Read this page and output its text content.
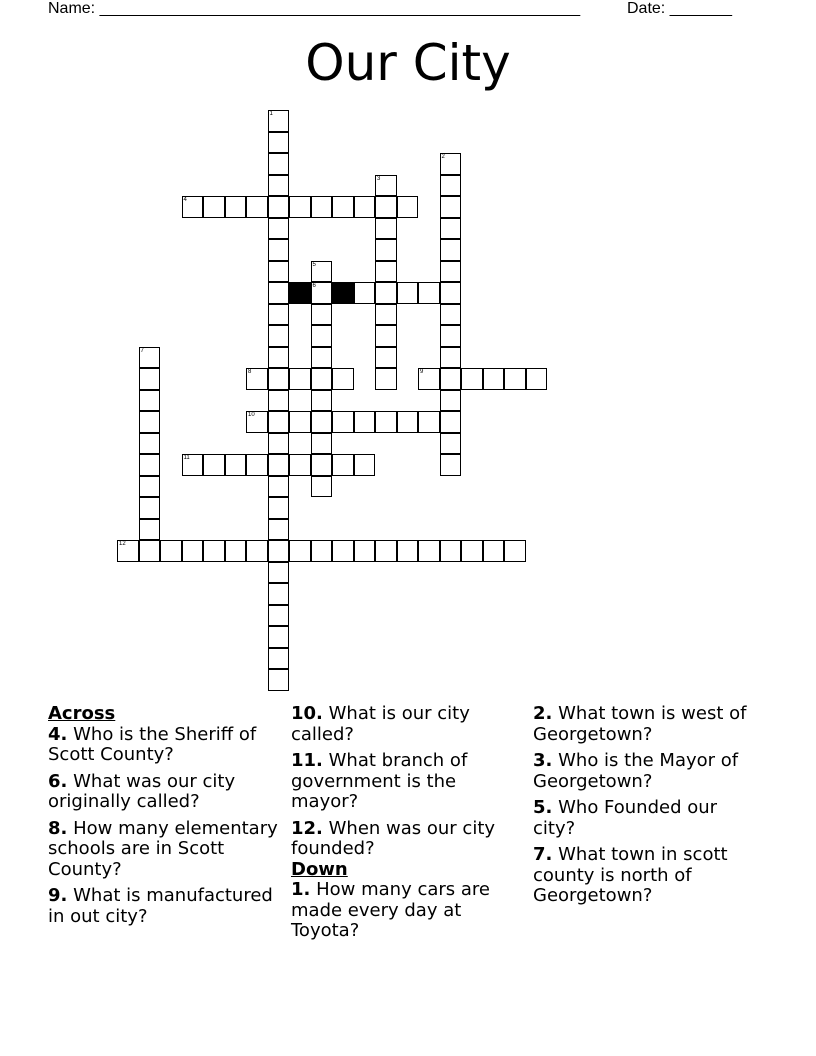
Name: ______________________________________________________	Date: _______
Our City
1
2
3
4
5
6
7
8	9
10
11
12
Across
4. Who is the Sheriff of Scott County?
6. What was our city originally called?
8. How many elementary schools are in Scott County?
9. What is manufactured in out city?
10. What is our city called?
11. What branch of government is the mayor?
12. When was our city founded?
Down
1. How many cars are made every day at Toyota?
2. What town is west of Georgetown?
3. Who is the Mayor of Georgetown?
5. Who Founded our city?
7. What town in scott county is north of Georgetown?
